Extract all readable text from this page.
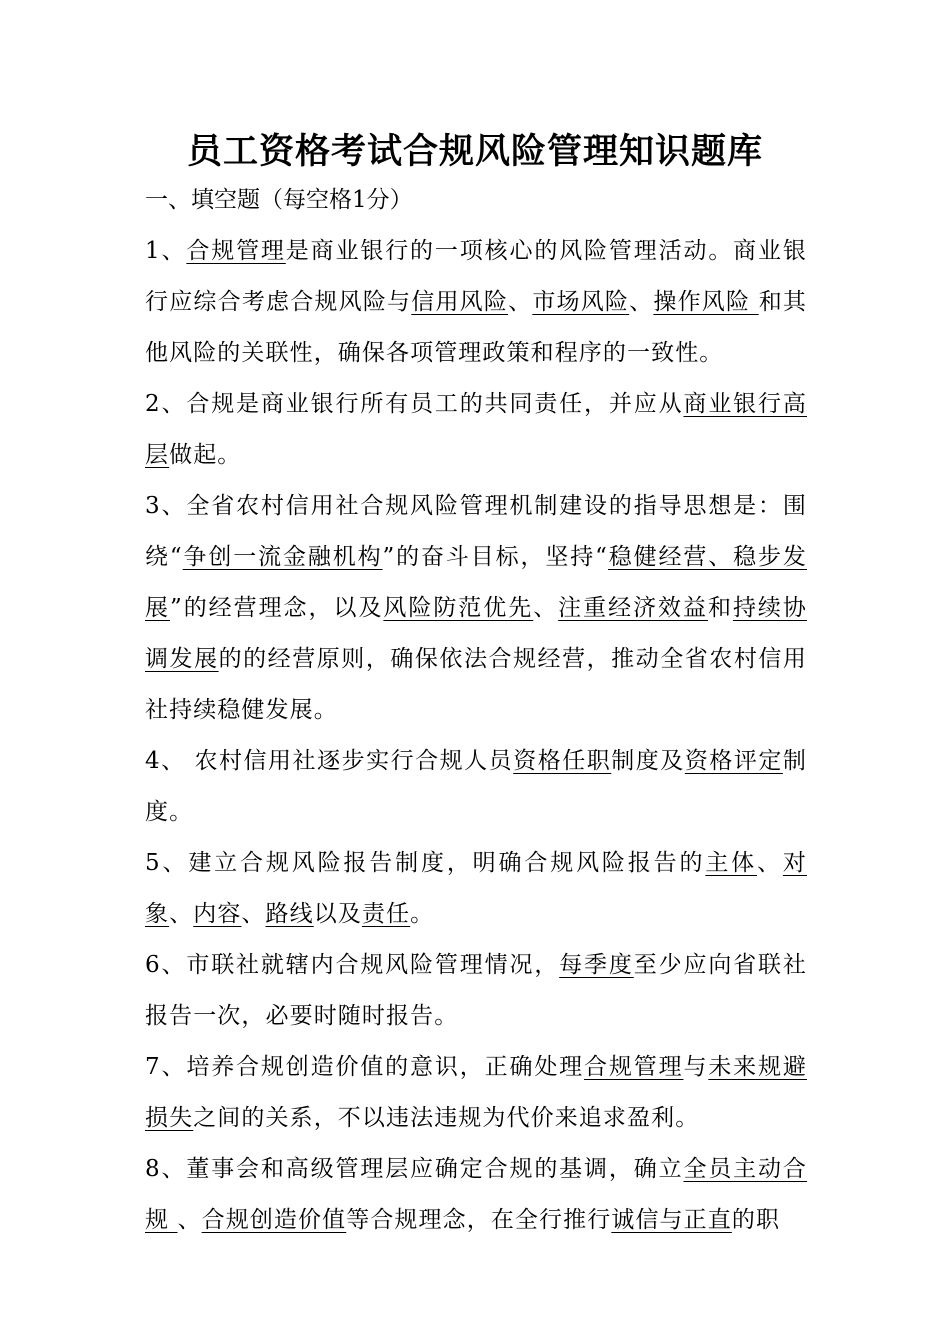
员工资格考试合规风险管理知识题库
一、填空题（每空格1分）

1、合规管理是商业银行的一项核心的风险管理活动。商业银行应综合考虑合规风险与信用风险、市场风险、操作风险 和其他风险的关联性，确保各项管理政策和程序的一致性。

2、合规是商业银行所有员工的共同责任，并应从商业银行高层做起。

3、全省农村信用社合规风险管理机制建设的指导思想是：围绕“争创一流金融机构”的奋斗目标，坚持“稳健经营、稳步发展”的经营理念，以及风险防范优先、注重经济效益和持续协调发展的的经营原则，确保依法合规经营，推动全省农村信用社持续稳健发展。

4、 农村信用社逐步实行合规人员资格任职制度及资格评定制度。

5、建立合规风险报告制度，明确合规风险报告的主体、对象、内容、路线以及责任。

6、市联社就辖内合规风险管理情况，每季度至少应向省联社报告一次，必要时随时报告。

7、培养合规创造价值的意识，正确处理合规管理与未来规避损失之间的关系，不以违法违规为代价来追求盈利。

8、董事会和高级管理层应确定合规的基调，确立全员主动合规 、合规创造价值等合规理念，在全行推行诚信与正直的职
